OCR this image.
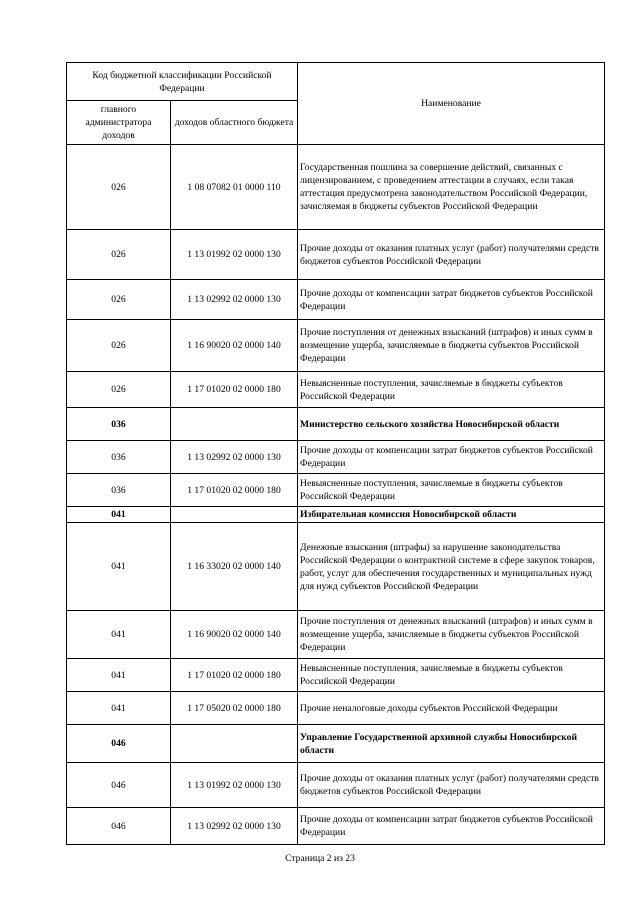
Код бюджетной классификации Российской Федерации		Наименование
главного администратора доходов	доходов областного бюджета	
026	1 08 07082 01 0000 110	Государственная пошлина за совершение действий, связанных с лицензированием, с проведением аттестации в случаях, если такая аттестация предусмотрена законодательством Российской Федерации, зачисляемая в бюджеты субъектов Российской Федерации
026	1 13 01992 02 0000 130	Прочие доходы от оказания платных услуг (работ) получателями средств бюджетов субъектов Российской Федерации
026	1 13 02992 02 0000 130	Прочие доходы от компенсации затрат бюджетов субъектов Российской Федерации
026	1 16 90020 02 0000 140	Прочие поступления от денежных взысканий (штрафов) и иных сумм в возмещение ущерба, зачисляемые в бюджеты субъектов Российской Федерации
026	1 17 01020 02 0000 180	Невыясненные поступления, зачисляемые в бюджеты субъектов Российской Федерации
036		Министерство сельского хозяйства Новосибирской области
036	1 13 02992 02 0000 130	Прочие доходы от компенсации затрат бюджетов субъектов Российской Федерации
036	1 17 01020 02 0000 180	Невыясненные поступления, зачисляемые в бюджеты субъектов Российской Федерации
041		Избирательная комиссия Новосибирской области
041	1 16 33020 02 0000 140	Денежные взыскания (штрафы) за нарушение законодательства Российской Федерации о контрактной системе в сфере закупок товаров, работ, услуг для обеспечения государственных и муниципальных нужд для нужд субъектов Российской Федерации
041	1 16 90020 02 0000 140	Прочие поступления от денежных взысканий (штрафов) и иных сумм в возмещение ущерба, зачисляемые в бюджеты субъектов Российской Федерации
041	1 17 01020 02 0000 180	Невыясненные поступления, зачисляемые в бюджеты субъектов Российской Федерации
041	1 17 05020 02 0000 180	Прочие неналоговые доходы субъектов Российской Федерации
046		Управление Государственной архивной службы Новосибирской области
046	1 13 01992 02 0000 130	Прочие доходы от оказания платных услуг (работ) получателями средств бюджетов субъектов Российской Федерации
046	1 13 02992 02 0000 130	Прочие доходы от компенсации затрат бюджетов субъектов Российской Федерации
Страница 2 из 23
